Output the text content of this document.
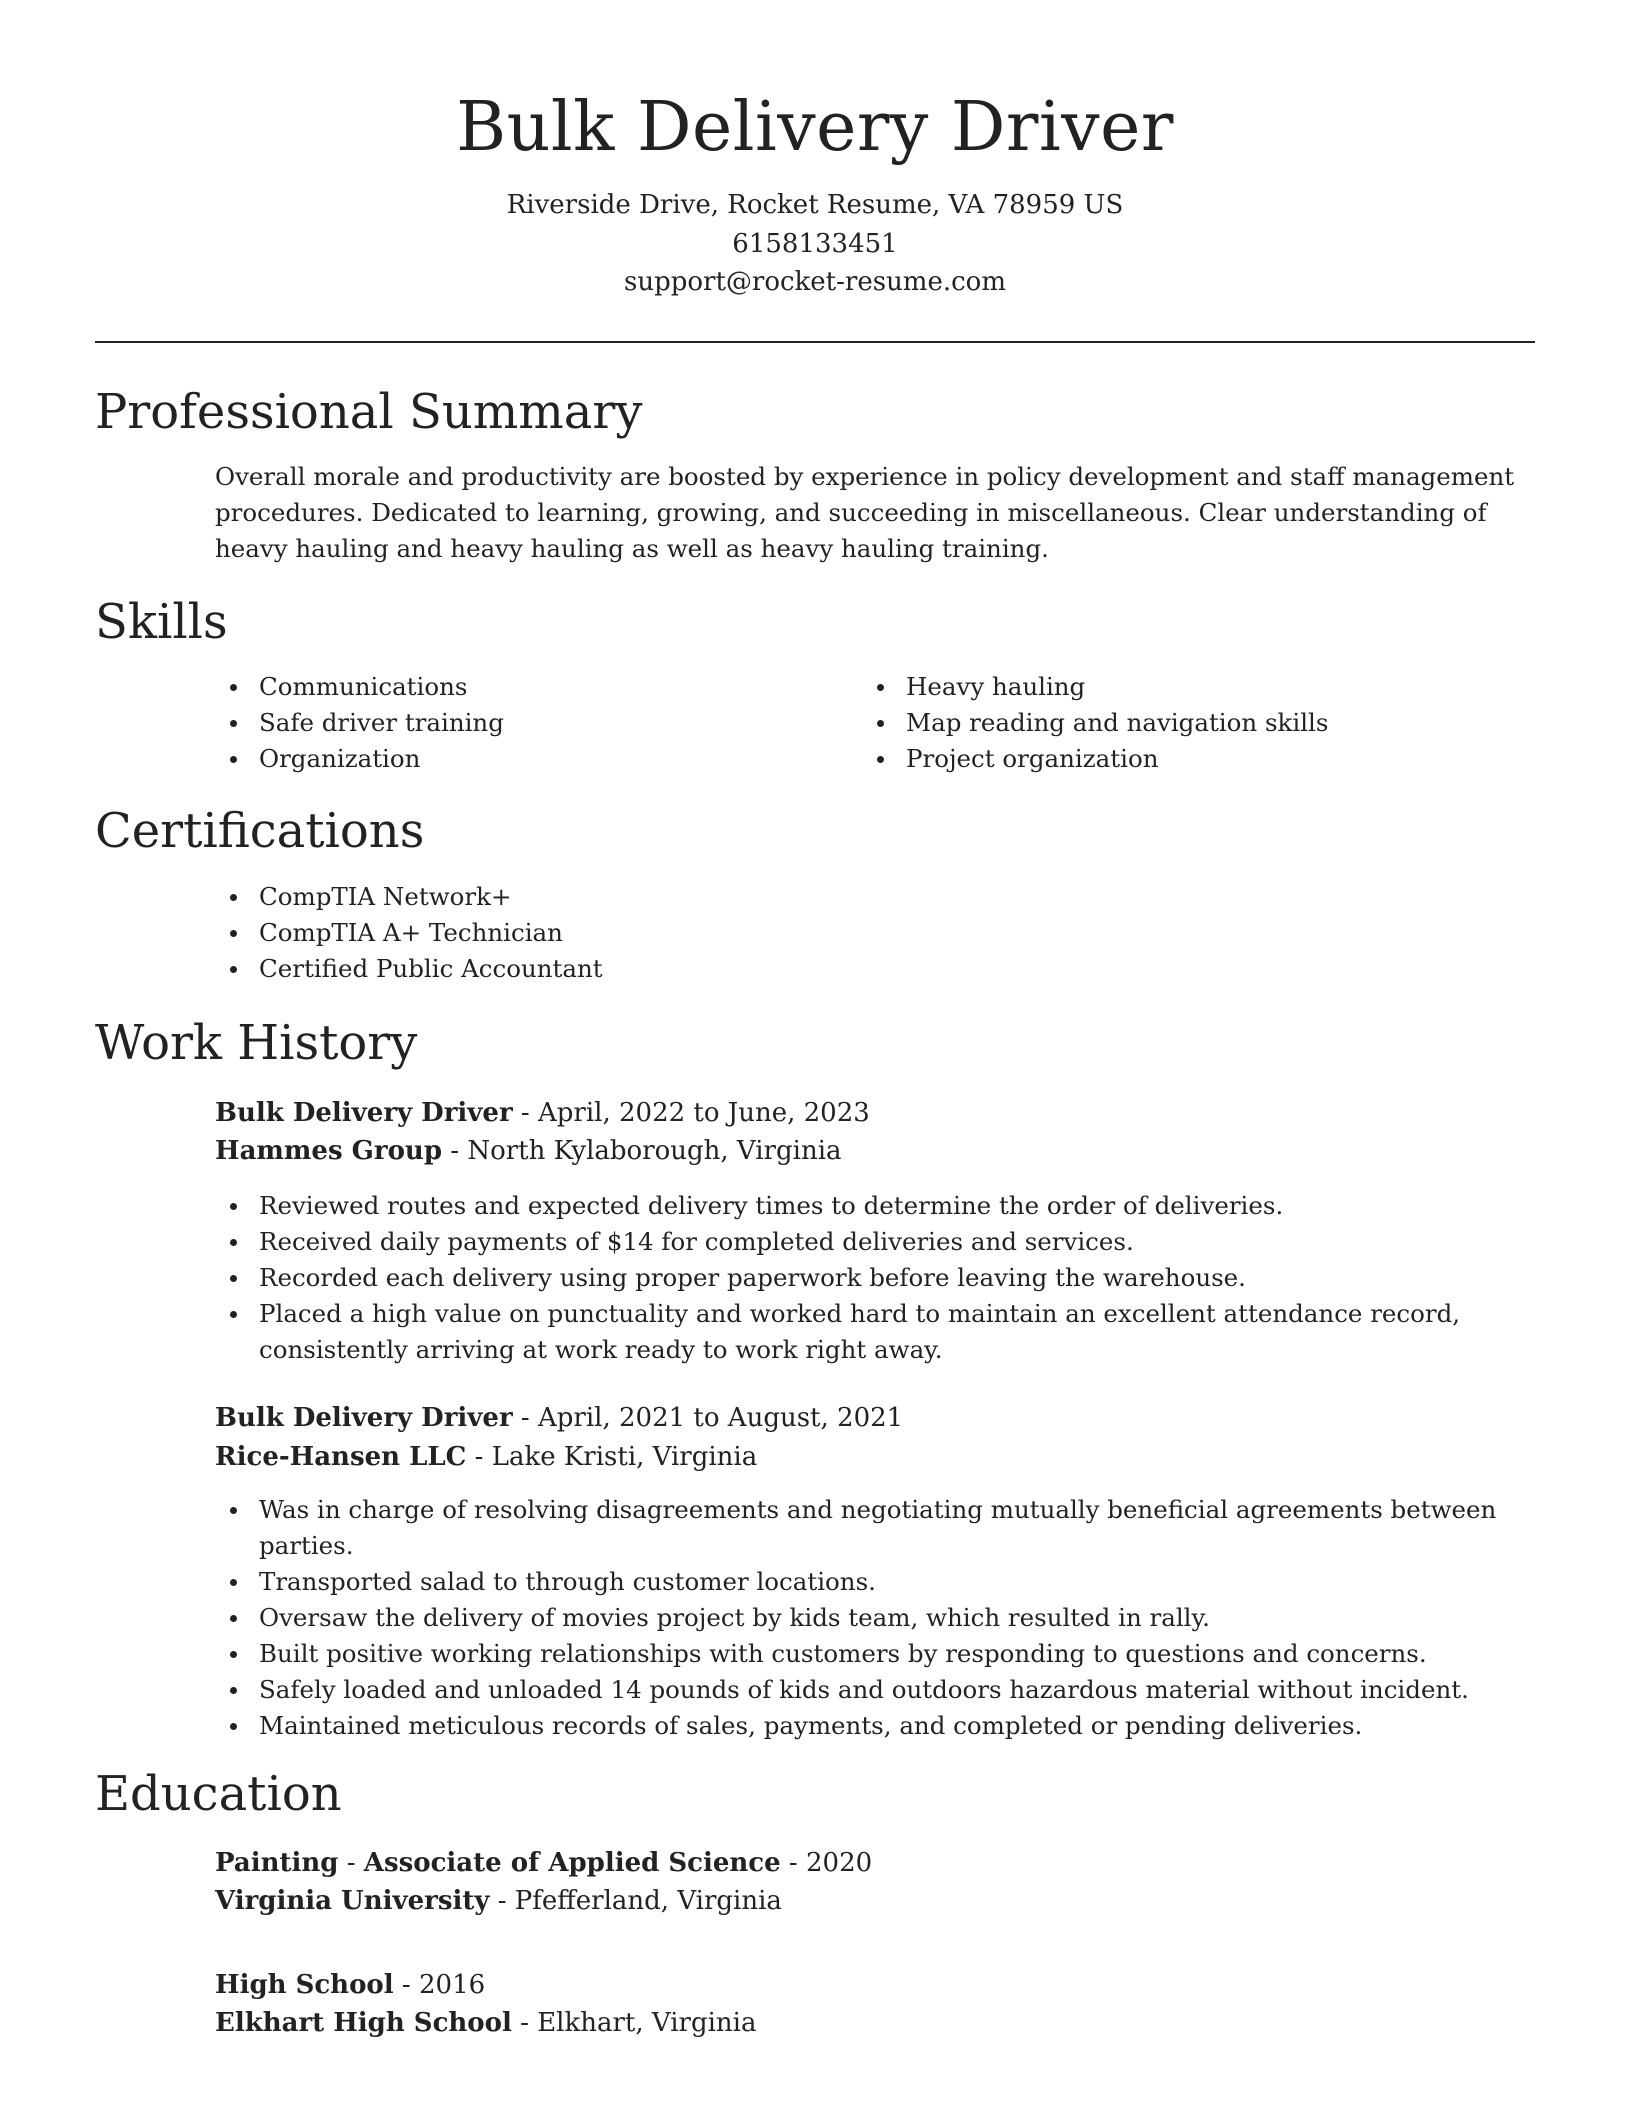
Bulk Delivery Driver
Riverside Drive, Rocket Resume, VA 78959 US
6158133451
support@rocket-resume.com
Professional Summary
Overall morale and productivity are boosted by experience in policy development and staff management procedures. Dedicated to learning, growing, and succeeding in miscellaneous. Clear understanding of heavy hauling and heavy hauling as well as heavy hauling training.
Skills
Communications
Safe driver training
Organization
Heavy hauling
Map reading and navigation skills
Project organization
Certifications
CompTIA Network+
CompTIA A+ Technician
Certified Public Accountant
Work History
Bulk Delivery Driver - April, 2022 to June, 2023
Hammes Group - North Kylaborough, Virginia
Reviewed routes and expected delivery times to determine the order of deliveries.
Received daily payments of $14 for completed deliveries and services.
Recorded each delivery using proper paperwork before leaving the warehouse.
Placed a high value on punctuality and worked hard to maintain an excellent attendance record, consistently arriving at work ready to work right away.
Bulk Delivery Driver - April, 2021 to August, 2021
Rice-Hansen LLC - Lake Kristi, Virginia
Was in charge of resolving disagreements and negotiating mutually beneficial agreements between parties.
Transported salad to through customer locations.
Oversaw the delivery of movies project by kids team, which resulted in rally.
Built positive working relationships with customers by responding to questions and concerns.
Safely loaded and unloaded 14 pounds of kids and outdoors hazardous material without incident.
Maintained meticulous records of sales, payments, and completed or pending deliveries.
Education
Painting - Associate of Applied Science - 2020
Virginia University - Pfefferland, Virginia
High School - 2016
Elkhart High School - Elkhart, Virginia
